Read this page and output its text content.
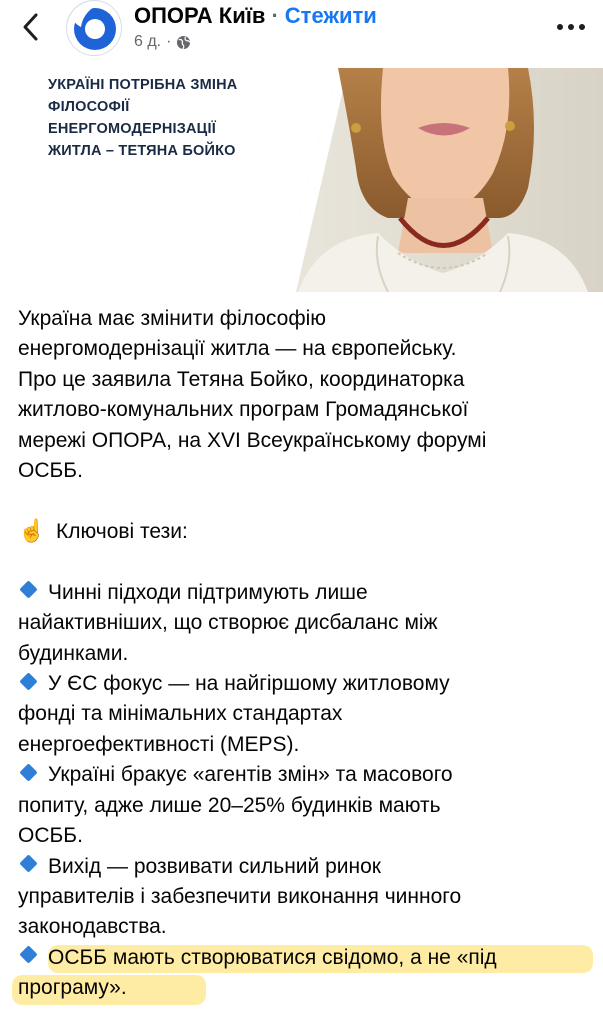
ОПОРА Київ · Стежити
6 д. ·
УКРАЇНІ ПОТРІБНА ЗМІНА
ФІЛОСОФІЇ
ЕНЕРГОМОДЕРНІЗАЦІЇ
ЖИТЛА – ТЕТЯНА БОЙКО

Україна має змінити філософію

енергомодернізації житла — на європейську.

Про це заявила Тетяна Бойко, координаторка

житлово-комунальних програм Громадянської

мережі ОПОРА, на XVI Всеукраїнському форумі

ОСББ.

☝️ Ключові тези:

Чинні підходи підтримують лише

найактивніших, що створює дисбаланс між

будинками.

У ЄС фокус — на найгіршому житловому

фонді та мінімальних стандартах

енергоефективності (MEPS).

Україні бракує «агентів змін» та масового

попиту, адже лише 20–25% будинків мають

ОСББ.

Вихід — розвивати сильний ринок

управителів і забезпечити виконання чинного

законодавства.

ОСББ мають створюватися свідомо, а не «під

програму».
